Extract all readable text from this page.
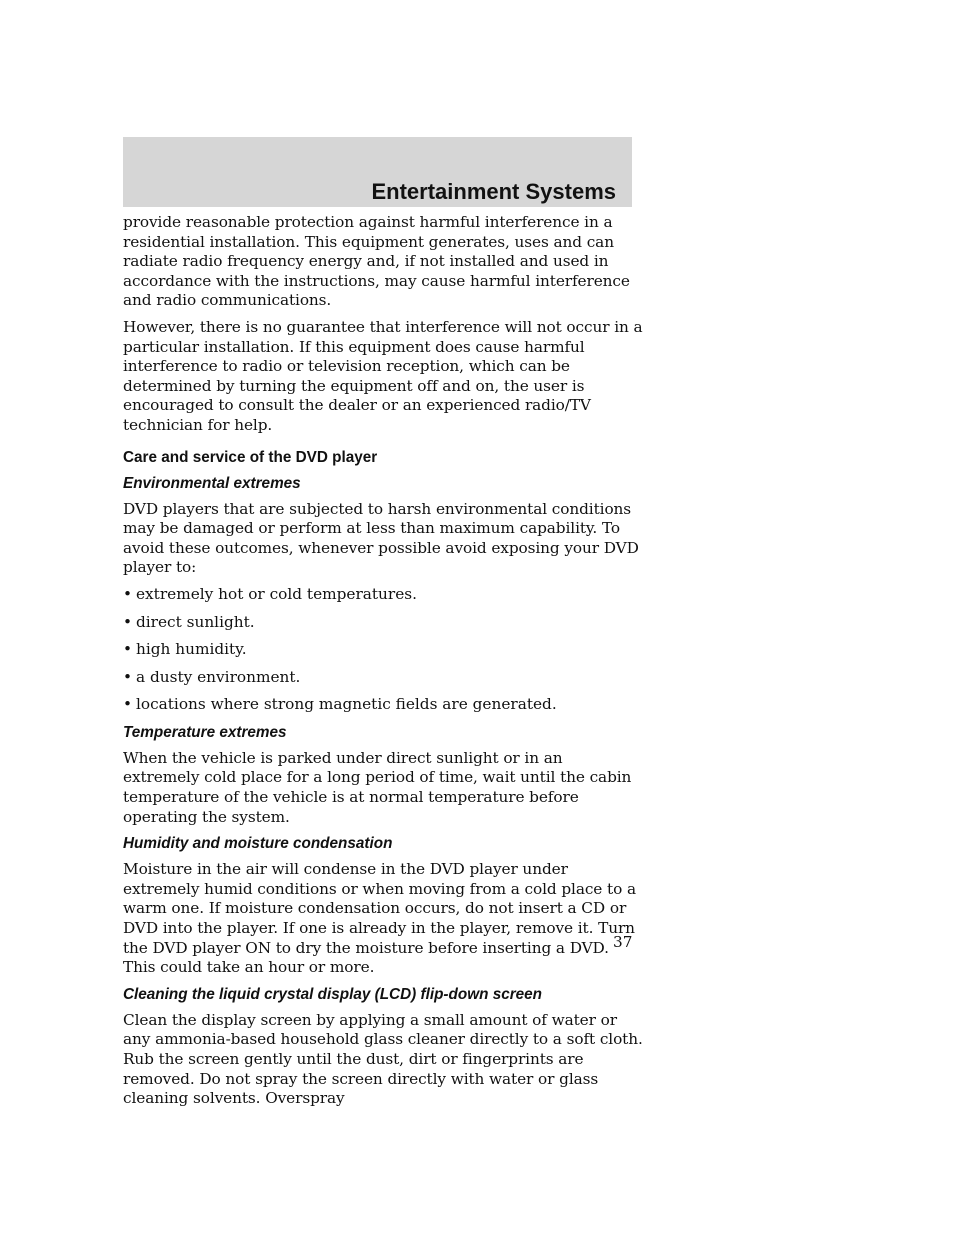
Entertainment Systems

provide reasonable protection against harmful interference in a residential installation. This equipment generates, uses and can radiate radio frequency energy and, if not installed and used in accordance with the instructions, may cause harmful interference and radio communications.

However, there is no guarantee that interference will not occur in a particular installation. If this equipment does cause harmful interference to radio or television reception, which can be determined by turning the equipment off and on, the user is encouraged to consult the dealer or an experienced radio/TV technician for help.

Care and service of the DVD player
Environmental extremes

DVD players that are subjected to harsh environmental conditions may be damaged or perform at less than maximum capability. To avoid these outcomes, whenever possible avoid exposing your DVD player to:

• extremely hot or cold temperatures.
• direct sunlight.
• high humidity.
• a dusty environment.
• locations where strong magnetic fields are generated.
Temperature extremes

When the vehicle is parked under direct sunlight or in an extremely cold place for a long period of time, wait until the cabin temperature of the vehicle is at normal temperature before operating the system.

Humidity and moisture condensation

Moisture in the air will condense in the DVD player under extremely humid conditions or when moving from a cold place to a warm one. If moisture condensation occurs, do not insert a CD or DVD into the player. If one is already in the player, remove it. Turn the DVD player ON to dry the moisture before inserting a DVD. This could take an hour or more.

Cleaning the liquid crystal display (LCD) flip-down screen

Clean the display screen by applying a small amount of water or any ammonia-based household glass cleaner directly to a soft cloth. Rub the screen gently until the dust, dirt or fingerprints are removed. Do not spray the screen directly with water or glass cleaning solvents. Overspray

37
